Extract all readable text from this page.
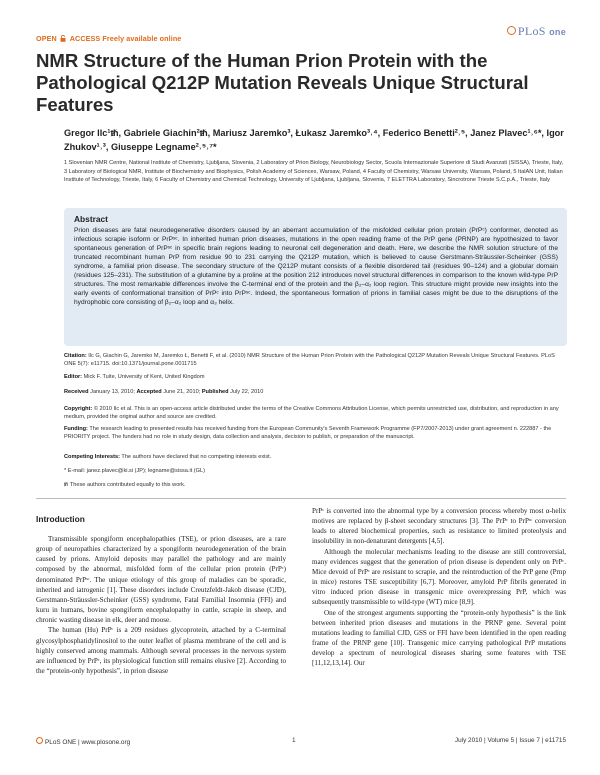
OPEN ACCESS Freely available online
PLoS one
NMR Structure of the Human Prion Protein with the Pathological Q212P Mutation Reveals Unique Structural Features
Gregor Ilc¹ᵺ, Gabriele Giachin²ᵺ, Mariusz Jaremko³, Łukasz Jaremko³˒⁴, Federico Benetti²˒⁵, Janez Plavec¹˒⁶*, Igor Zhukov¹˒³, Giuseppe Legname²˒⁵˒⁷*
1 Slovenian NMR Centre, National Institute of Chemistry, Ljubljana, Slovenia, 2 Laboratory of Prion Biology, Neurobiology Sector, Scuola Internazionale Superiore di Studi Avanzati (SISSA), Trieste, Italy, 3 Laboratory of Biological NMR, Institute of Biochemistry and Biophysics, Polish Academy of Sciences, Warsaw, Poland, 4 Faculty of Chemistry, Warsaw University, Warsaw, Poland, 5 ItalAN Unit, Italian Institute of Technology, Trieste, Italy, 6 Faculty of Chemistry and Chemical Technology, University of Ljubljana, Ljubljana, Slovenia, 7 ELETTRA Laboratory, Sincrotrone Trieste S.C.p.A., Trieste, Italy
Abstract
Prion diseases are fatal neurodegenerative disorders caused by an aberrant accumulation of the misfolded cellular prion protein (PrPᶜ) conformer, denoted as infectious scrapie isoform or PrPˢᶜ. In inherited human prion diseases, mutations in the open reading frame of the PrP gene (PRNP) are hypothesized to favor spontaneous generation of PrPˢᶜ in specific brain regions leading to neuronal cell degeneration and death. Here, we describe the NMR solution structure of the truncated recombinant human PrP from residue 90 to 231 carrying the Q212P mutation, which is believed to cause Gerstmann-Sträussler-Scheinker (GSS) syndrome, a familial prion disease. The secondary structure of the Q212P mutant consists of a flexible disordered tail (residues 90–124) and a globular domain (residues 125–231). The substitution of a glutamine by a proline at the position 212 introduces novel structural differences in comparison to the known wild-type PrP structures. The most remarkable differences involve the C-terminal end of the protein and the β₂–α₂ loop region. This structure might provide new insights into the early events of conformational transition of PrPᶜ into PrPˢᶜ. Indeed, the spontaneous formation of prions in familial cases might be due to the disruptions of the hydrophobic core consisting of β₂–α₂ loop and α₃ helix.
Citation: Ilc G, Giachin G, Jaremko M, Jaremko Ł, Benetti F, et al. (2010) NMR Structure of the Human Prion Protein with the Pathological Q212P Mutation Reveals Unique Structural Features. PLoS ONE 5(7): e11715. doi:10.1371/journal.pone.0011715
Editor: Mick F. Tuite, University of Kent, United Kingdom
Received January 13, 2010; Accepted June 21, 2010; Published July 22, 2010
Copyright: © 2010 Ilc et al. This is an open-access article distributed under the terms of the Creative Commons Attribution License, which permits unrestricted use, distribution, and reproduction in any medium, provided the original author and source are credited.
Funding: The research leading to presented results has received funding from the European Community's Seventh Framework Programme (FP7/2007-2013) under grant agreement n. 222887 - the PRIORITY project. The funders had no role in study design, data collection and analysis, decision to publish, or preparation of the manuscript.
Competing Interests: The authors have declared that no competing interests exist.
* E-mail: janez.plavec@ki.si (JP); legname@sissa.it (GL)
ᵺ These authors contributed equally to this work.
Introduction

Transmissible spongiform encephalopathies (TSE), or prion diseases, are a rare group of neuropathies characterized by a spongiform neurodegeneration of the brain caused by prions. Amyloid deposits may parallel the pathology and are mainly composed by the abnormal, misfolded form of the cellular prion protein (PrPᶜ) denominated PrPˢᶜ. The unique etiology of this group of maladies can be sporadic, inherited and iatrogenic [1]. These disorders include Creutzfeldt-Jakob disease (CJD), Gerstmann-Sträussler-Scheinker (GSS) syndrome, Fatal Familial Insomnia (FFI) and kuru in humans, bovine spongiform encephalopathy in cattle, scrapie in sheep, and chronic wasting disease in elk, deer and moose.

The human (Hu) PrPᶜ is a 209 residues glycoprotein, attached by a C-terminal glycosylphosphatidylinositol to the outer leaflet of plasma membrane of the cell and is highly conserved among mammals. Although several processes in the nervous system are influenced by PrPᶜ, its physiological function still remains elusive [2]. According to the “protein-only hypothesis”, in prion disease

PrPᶜ is converted into the abnormal type by a conversion process whereby most α-helix motives are replaced by β-sheet secondary structures [3]. The PrPᶜ to PrPˢᶜ conversion leads to altered biochemical properties, such as resistance to limited proteolysis and insolubility in non-denaturant detergents [4,5].

Although the molecular mechanisms leading to the disease are still controversial, many evidences suggest that the generation of prion disease is dependent only on PrPᶜ. Mice devoid of PrPᶜ are resistant to scrapie, and the reintroduction of the PrP gene (Prnp in mice) restores TSE susceptibility [6,7]. Moreover, amyloid PrP fibrils generated in vitro induced prion disease in transgenic mice overexpressing PrP, which was subsequently transmissible to wild-type (WT) mice [8,9].

One of the strongest arguments supporting the “protein-only hypothesis” is the link between inherited prion diseases and mutations in the PRNP gene. Several point mutations leading to familial CJD, GSS or FFI have been identified in the open reading frame of the PRNP gene [10]. Transgenic mice carrying pathological PrP mutations develop a spectrum of neurological diseases sharing some features with TSE [11,12,13,14]. Our

PLoS ONE | www.plosone.org	1	July 2010 | Volume 5 | Issue 7 | e11715
